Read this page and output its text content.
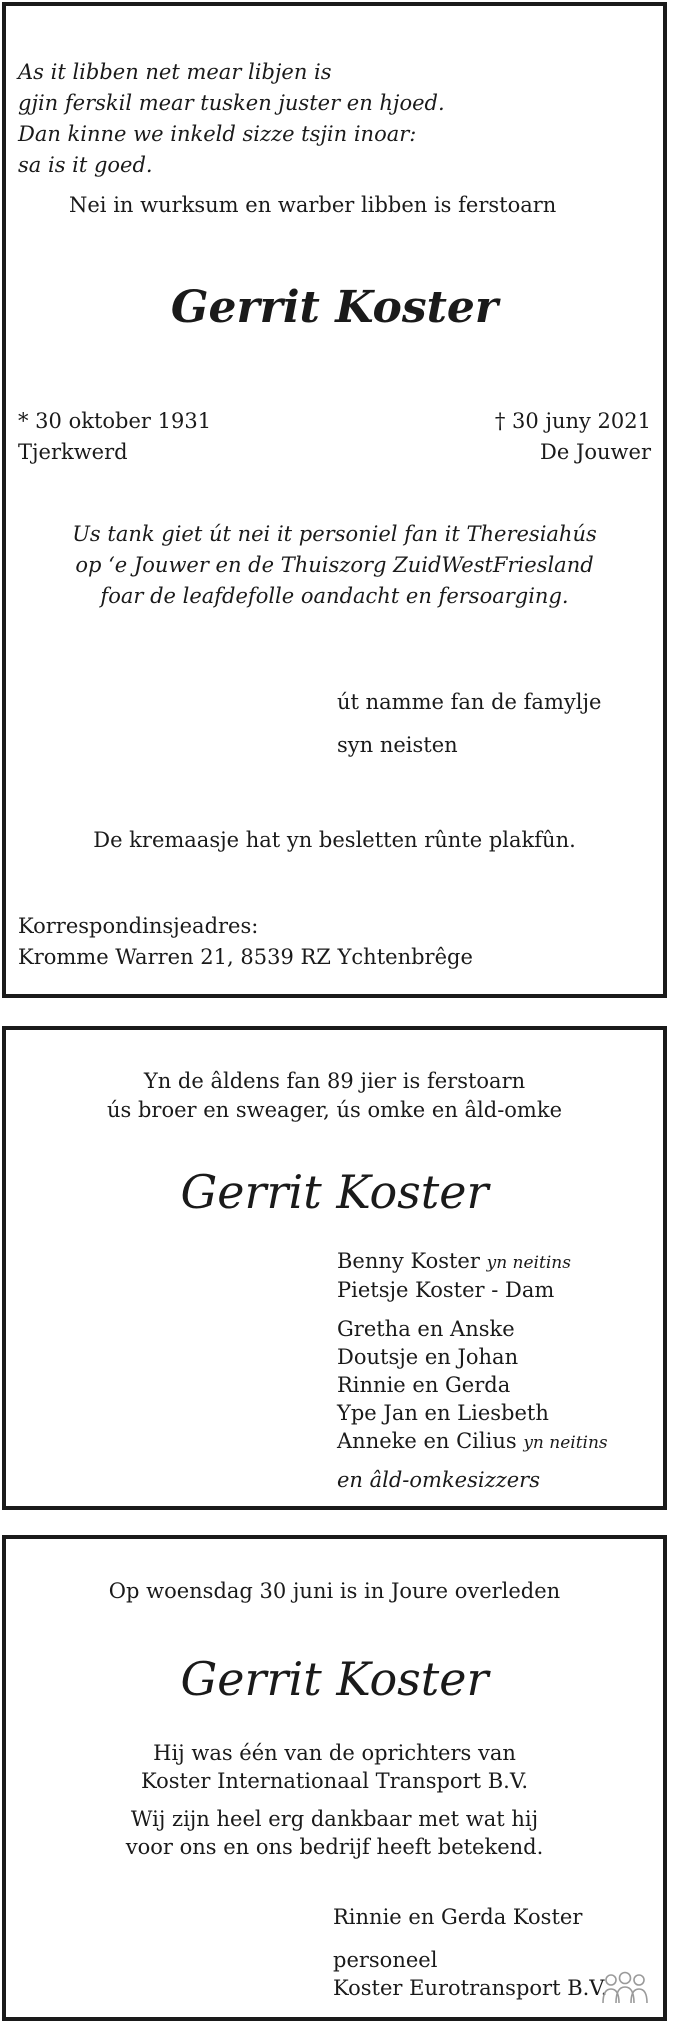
As it libben net mear libjen is
gjin ferskil mear tusken juster en hjoed.
Dan kinne we inkeld sizze tsjin inoar:
sa is it goed.
Nei in wurksum en warber libben is ferstoarn
Gerrit Koster
* 30 oktober 1931
Tjerkwerd
† 30 juny 2021
De Jouwer
Us tank giet út nei it personiel fan it Theresiahús
op ‘e Jouwer en de Thuiszorg ZuidWestFriesland
foar de leafdefolle oandacht en fersoarging.
út namme fan de famylje
syn neisten
De kremaasje hat yn besletten rûnte plakfûn.
Korrespondinsjeadres:
Kromme Warren 21, 8539 RZ Ychtenbrêge
Yn de âldens fan 89 jier is ferstoarn
ús broer en sweager, ús omke en âld-omke
Gerrit Koster
Benny Koster yn neitins
Pietsje Koster - Dam
Gretha en Anske
Doutsje en Johan
Rinnie en Gerda
Ype Jan en Liesbeth
Anneke en Cilius yn neitins
en âld-omkesizzers
Op woensdag 30 juni is in Joure overleden
Gerrit Koster
Hij was één van de oprichters van
Koster Internationaal Transport B.V.
Wij zijn heel erg dankbaar met wat hij
voor ons en ons bedrijf heeft betekend.
Rinnie en Gerda Koster
personeel
Koster Eurotransport B.V.
